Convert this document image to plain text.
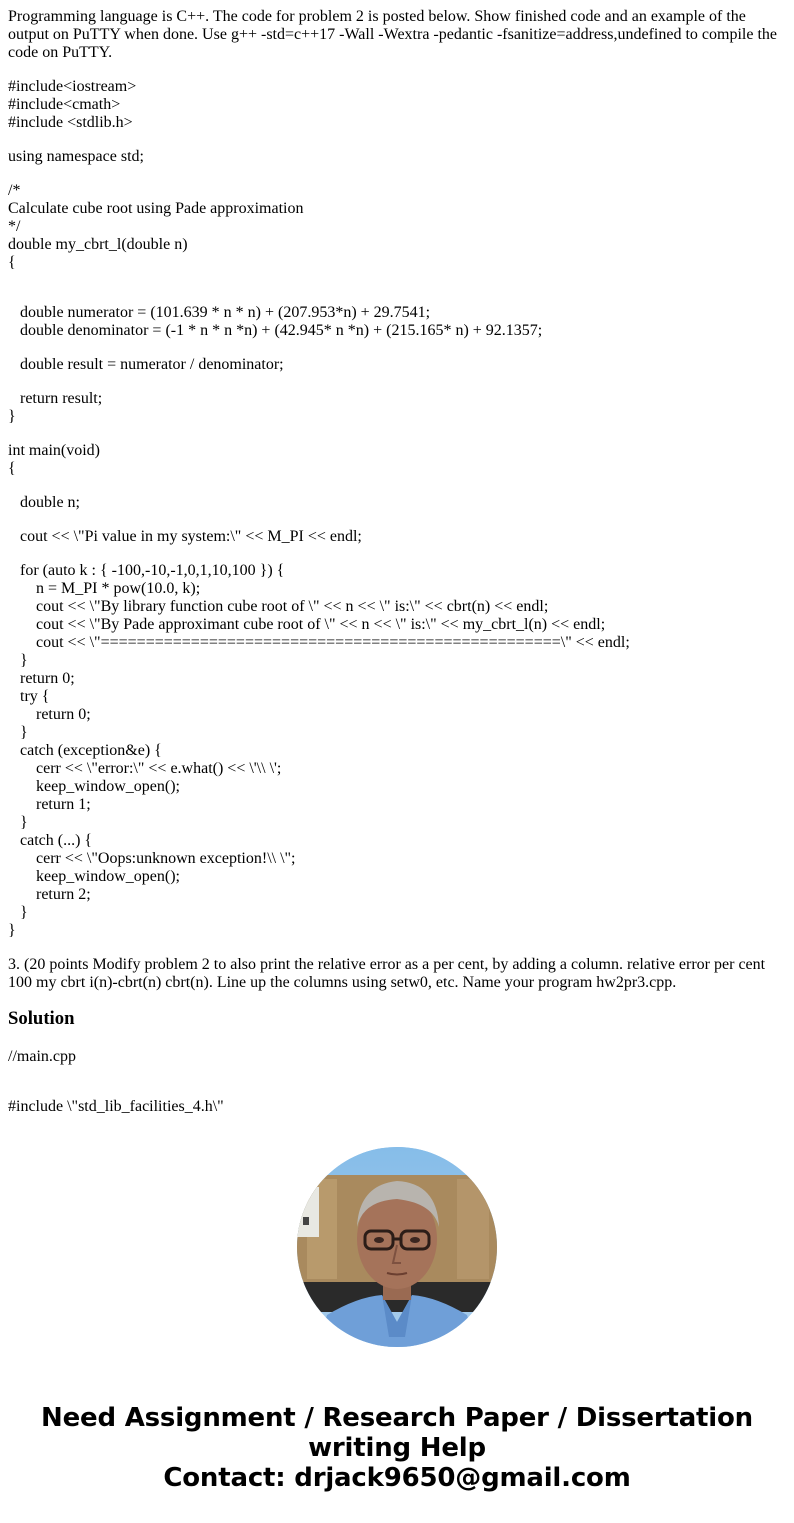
Programming language is C++. The code for problem 2 is posted below. Show finished code and an example of the output on PuTTY when done. Use g++ -std=c++17 -Wall -Wextra -pedantic -fsanitize=address,undefined to compile the code on PuTTY.

#include<iostream>
#include<cmath>
#include <stdlib.h>

using namespace std;

/*
Calculate cube root using Pade approximation
*/
double my_cbrt_l(double n)
{

double numerator = (101.639 * n * n) + (207.953*n) + 29.7541;
double denominator = (-1 * n * n *n) + (42.945* n *n) + (215.165* n) + 92.1357;

double result = numerator / denominator;

return result;
}

int main(void)
{

double n;

cout << \"Pi value in my system:\" << M_PI << endl;

for (auto k : { -100,-10,-1,0,1,10,100 }) {
n = M_PI * pow(10.0, k);
cout << \"By library function cube root of \" << n << \" is:\" << cbrt(n) << endl;
cout << \"By Pade approximant cube root of \" << n << \" is:\" << my_cbrt_l(n) << endl;
cout << \"===================================================\" << endl;
}
return 0;
try {
return 0;
}
catch (exception&e) {
cerr << \"error:\" << e.what() << \'\\ \';
keep_window_open();
return 1;
}
catch (...) {
cerr << \"Oops:unknown exception!\\ \";
keep_window_open();
return 2;
}
}

3. (20 points Modify problem 2 to also print the relative error as a per cent, by adding a column. relative error per cent 100 my cbrt i(n)-cbrt(n) cbrt(n). Line up the columns using setw0, etc. Name your program hw2pr3.cpp.

Solution

//main.cpp

#include \"std_lib_facilities_4.h\"

Need Assignment / Research Paper / Dissertation
writing Help
Contact: drjack9650@gmail.com
